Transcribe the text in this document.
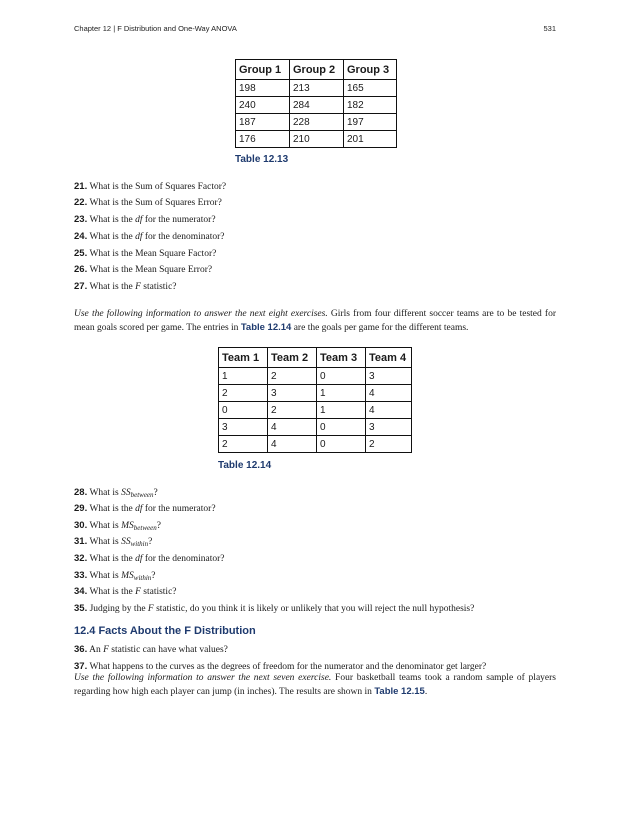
Chapter 12 | F Distribution and One-Way ANOVA	531
Group 1	Group 2	Group 3
198	213	165
240	284	182
187	228	197
176	210	201
Table 12.13
21. What is the Sum of Squares Factor?
22. What is the Sum of Squares Error?
23. What is the df for the numerator?
24. What is the df for the denominator?
25. What is the Mean Square Factor?
26. What is the Mean Square Error?
27. What is the F statistic?
Use the following information to answer the next eight exercises. Girls from four different soccer teams are to be tested for mean goals scored per game. The entries in Table 12.14 are the goals per game for the different teams.
Team 1	Team 2	Team 3	Team 4
1	2	0	3
2	3	1	4
0	2	1	4
3	4	0	3
2	4	0	2
Table 12.14
28. What is $SS_{between}$?
29. What is the df for the numerator?
30. What is $MS_{between}$?
31. What is $SS_{within}$?
32. What is the df for the denominator?
33. What is $MS_{within}$?
34. What is the F statistic?
35. Judging by the F statistic, do you think it is likely or unlikely that you will reject the null hypothesis?
12.4 Facts About the F Distribution
36. An F statistic can have what values?
37. What happens to the curves as the degrees of freedom for the numerator and the denominator get larger?
Use the following information to answer the next seven exercise. Four basketball teams took a random sample of players regarding how high each player can jump (in inches). The results are shown in Table 12.15.
